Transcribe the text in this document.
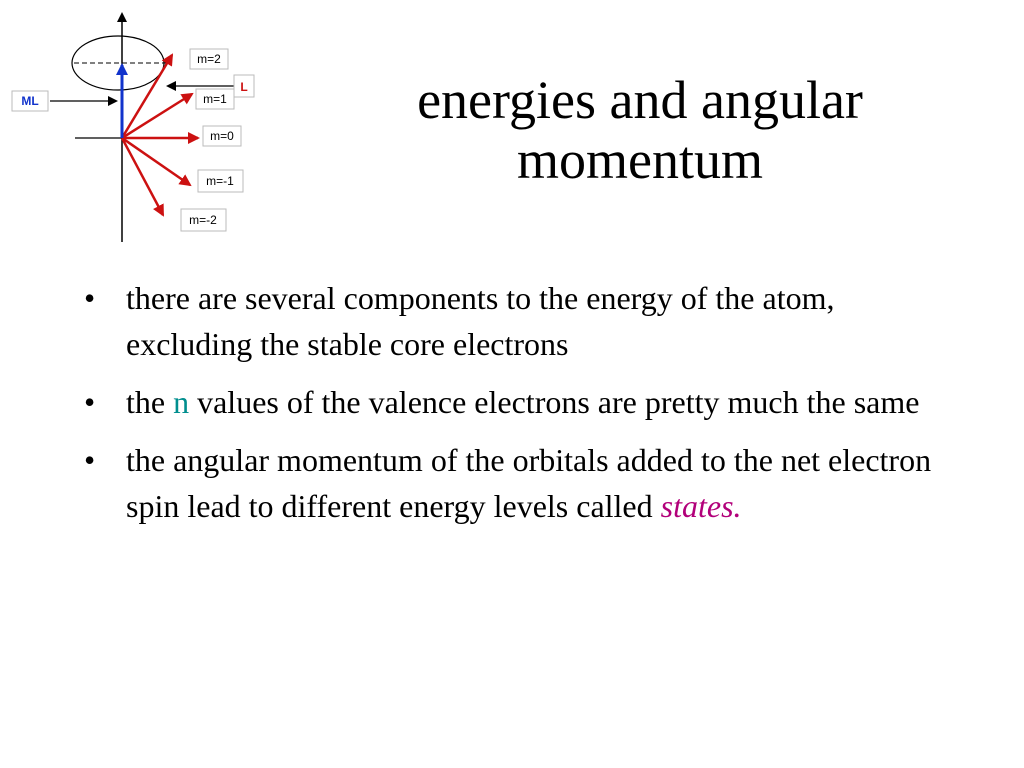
ML
L
m=2
m=1
m=0
m=-1
m=-2
energies and angular
momentum
• there are several components to the energy of the atom, excluding the stable core electrons
• the n values of the valence electrons are pretty much the same
• the angular momentum of the orbitals added to the net electron spin lead to different energy levels called states.
